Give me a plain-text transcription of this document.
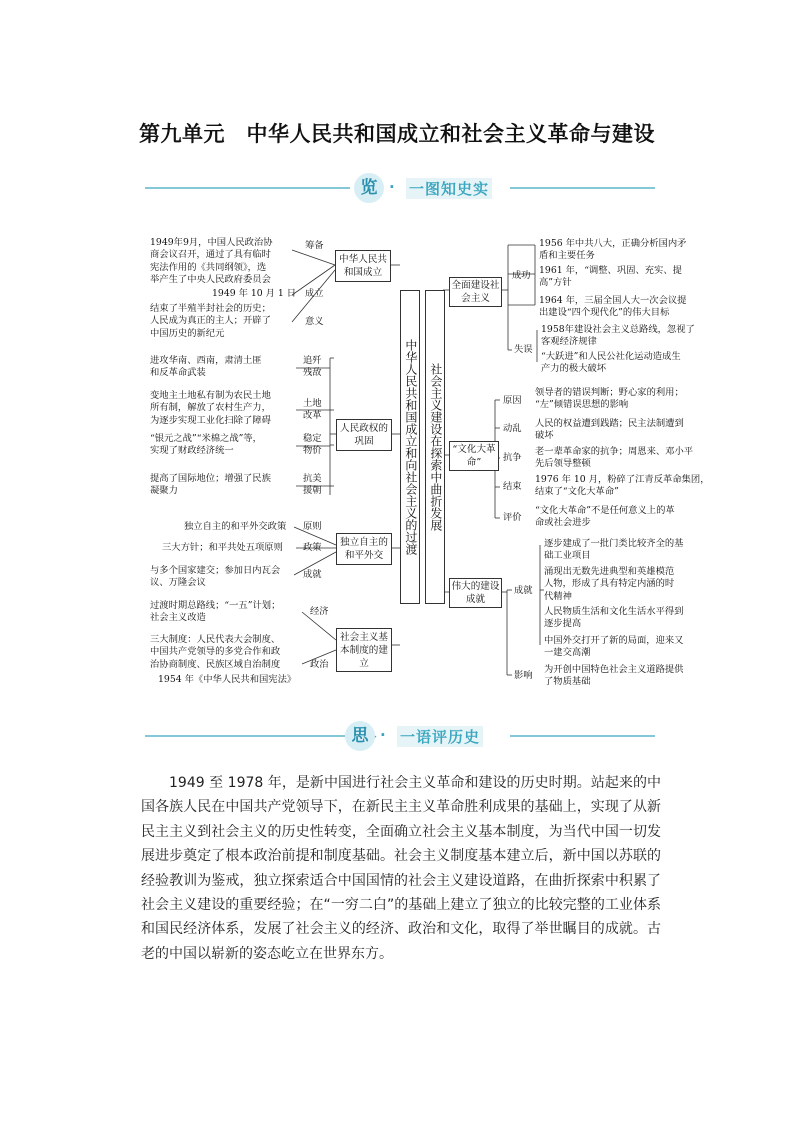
第九单元　中华人民共和国成立和社会主义革命与建设
览 · 一图知史实
中华人民共和国成立和向社会主义的过渡 社会主义建设在探索中曲折发展
中华人民共和国成立
人民政权的巩固
独立自主的和平外交
社会主义基本制度的建立
全面建设社会主义
“文化大革命”
伟大的建设成就
筹备
成立
意义
追歼残敌
土地改革
稳定物价
抗美援朝
原则
政策
成就
经济
政治
1949年9月，中国人民政治协
商会议召开，通过了具有临时
宪法作用的《共同纲领》，选
举产生了中央人民政府委员会
1949 年 10 月 1 日
结束了半殖半封社会的历史；
人民成为真正的主人；开辟了
中国历史的新纪元
进攻华南、西南，肃清土匪
和反革命武装
变地主土地私有制为农民土地
所有制，解放了农村生产力，
为逐步实现工业化扫除了障碍
“银元之战”“米棉之战”等，
实现了财政经济统一
提高了国际地位；增强了民族
凝聚力
独立自主的和平外交政策
三大方针；和平共处五项原则
与多个国家建交；参加日内瓦会
议、万隆会议
过渡时期总路线；“一五”计划；
社会主义改造
三大制度：人民代表大会制度、
中国共产党领导的多党合作和政
治协商制度、民族区域自治制度
1954 年《中华人民共和国宪法》
成功
失误
原因
动乱
抗争
结束
评价
成就
影响
1956 年中共八大，正确分析国内矛
盾和主要任务
1961 年，“调整、巩固、充实、提
高”方针
1964 年，三届全国人大一次会议提
出建设“四个现代化”的伟大目标
1958年建设社会主义总路线，忽视了
客观经济规律
“大跃进”和人民公社化运动造成生
产力的极大破坏
领导者的错误判断；野心家的利用；
“左”倾错误思想的影响
人民的权益遭到践踏；民主法制遭到
破坏
老一辈革命家的抗争；周恩来、邓小平
先后领导整顿
1976 年 10 月，粉碎了江青反革命集团，
结束了“文化大革命”
“文化大革命”不是任何意义上的革
命或社会进步
逐步建成了一批门类比较齐全的基
础工业项目
涌现出无数先进典型和英雄模范
人物，形成了具有特定内涵的时
代精神
人民物质生活和文化生活水平得到
逐步提高
中国外交打开了新的局面，迎来又
一建交高潮
为开创中国特色社会主义道路提供
了物质基础
思 · 一语评历史
1949 至 1978 年，是新中国进行社会主义革命和建设的历史时期。站起来的中国各族人民在中国共产党领导下，在新民主主义革命胜利成果的基础上，实现了从新民主主义到社会主义的历史性转变，全面确立社会主义基本制度，为当代中国一切发展进步奠定了根本政治前提和制度基础。社会主义制度基本建立后，新中国以苏联的经验教训为鉴戒，独立探索适合中国国情的社会主义建设道路，在曲折探索中积累了社会主义建设的重要经验；在“一穷二白”的基础上建立了独立的比较完整的工业体系和国民经济体系，发展了社会主义的经济、政治和文化，取得了举世瞩目的成就。古老的中国以崭新的姿态屹立在世界东方。
